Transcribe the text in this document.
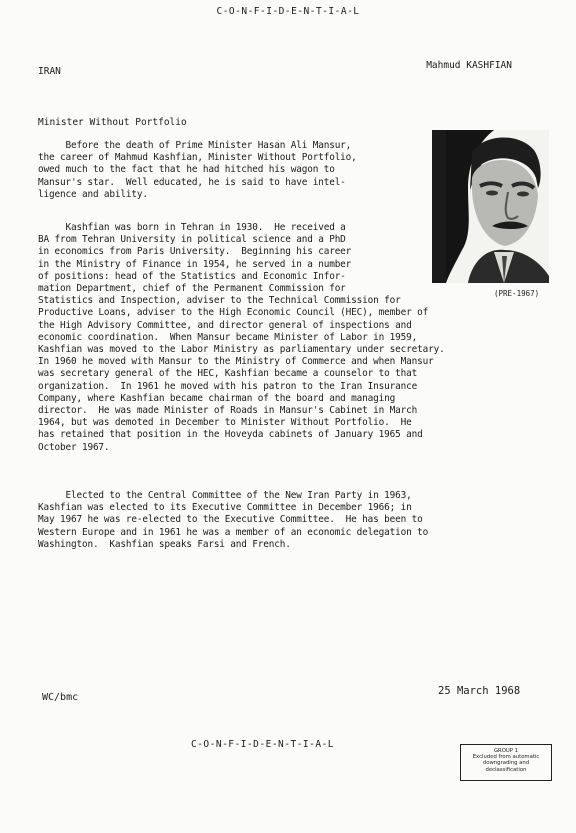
C-O-N-F-I-D-E-N-T-I-A-L
IRAN
Mahmud KASHFIAN
Minister Without Portfolio
Before the death of Prime Minister Hasan Ali Mansur,
the career of Mahmud Kashfian, Minister Without Portfolio,
owed much to the fact that he had hitched his wagon to
Mansur's star.  Well educated, he is said to have intel-
ligence and ability.
Kashfian was born in Tehran in 1930.  He received a
BA from Tehran University in political science and a PhD
in economics from Paris University.  Beginning his career
in the Ministry of Finance in 1954, he served in a number
of positions: head of the Statistics and Economic Infor-
mation Department, chief of the Permanent Commission for
Statistics and Inspection, adviser to the Technical Commission for
Productive Loans, adviser to the High Economic Council (HEC), member of
the High Advisory Committee, and director general of inspections and
economic coordination.  When Mansur became Minister of Labor in 1959,
Kashfian was moved to the Labor Ministry as parliamentary under secretary.
In 1960 he moved with Mansur to the Ministry of Commerce and when Mansur
was secretary general of the HEC, Kashfian became a counselor to that
organization.  In 1961 he moved with his patron to the Iran Insurance
Company, where Kashfian became chairman of the board and managing
director.  He was made Minister of Roads in Mansur's Cabinet in March
1964, but was demoted in December to Minister Without Portfolio.  He
has retained that position in the Hoveyda cabinets of January 1965 and
October 1967.
Elected to the Central Committee of the New Iran Party in 1963,
Kashfian was elected to its Executive Committee in December 1966; in
May 1967 he was re-elected to the Executive Committee.  He has been to
Western Europe and in 1961 he was a member of an economic delegation to
Washington.  Kashfian speaks Farsi and French.
(PRE-1967)
WC/bmc
25 March 1968
C-O-N-F-I-D-E-N-T-I-A-L
GROUP 1
Excluded from automatic
downgrading and
declassification
